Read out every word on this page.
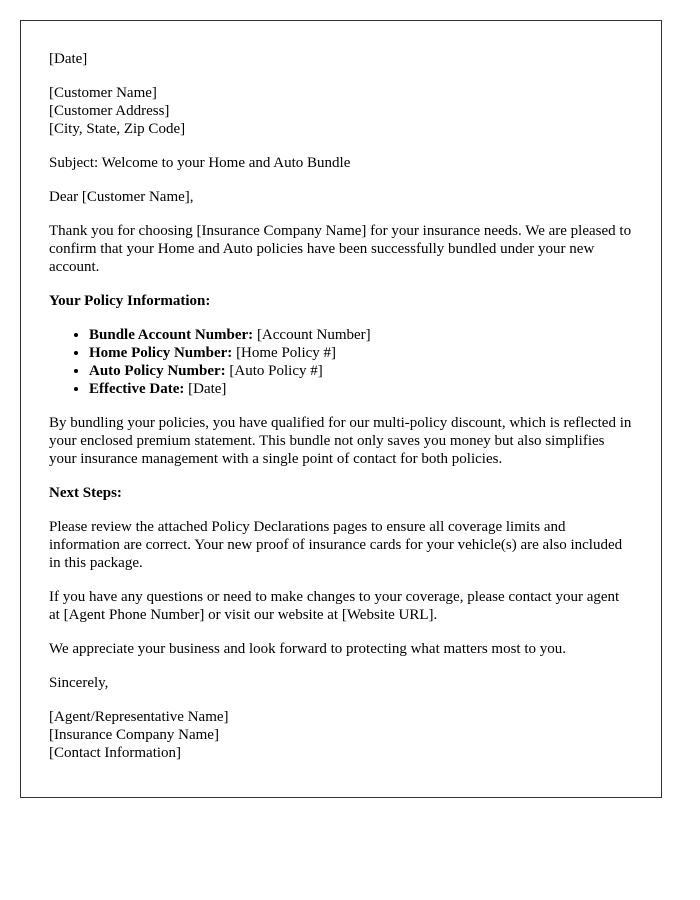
[Date]

[Customer Name]
[Customer Address]
[City, State, Zip Code]

Subject: Welcome to your Home and Auto Bundle

Dear [Customer Name],

Thank you for choosing [Insurance Company Name] for your insurance needs. We are pleased to confirm that your Home and Auto policies have been successfully bundled under your new account.

Your Policy Information:

• Bundle Account Number: [Account Number]
• Home Policy Number: [Home Policy #]
• Auto Policy Number: [Auto Policy #]
• Effective Date: [Date]

By bundling your policies, you have qualified for our multi-policy discount, which is reflected in your enclosed premium statement. This bundle not only saves you money but also simplifies your insurance management with a single point of contact for both policies.

Next Steps:

Please review the attached Policy Declarations pages to ensure all coverage limits and information are correct. Your new proof of insurance cards for your vehicle(s) are also included in this package.

If you have any questions or need to make changes to your coverage, please contact your agent at [Agent Phone Number] or visit our website at [Website URL].

We appreciate your business and look forward to protecting what matters most to you.

Sincerely,

[Agent/Representative Name]
[Insurance Company Name]
[Contact Information]
